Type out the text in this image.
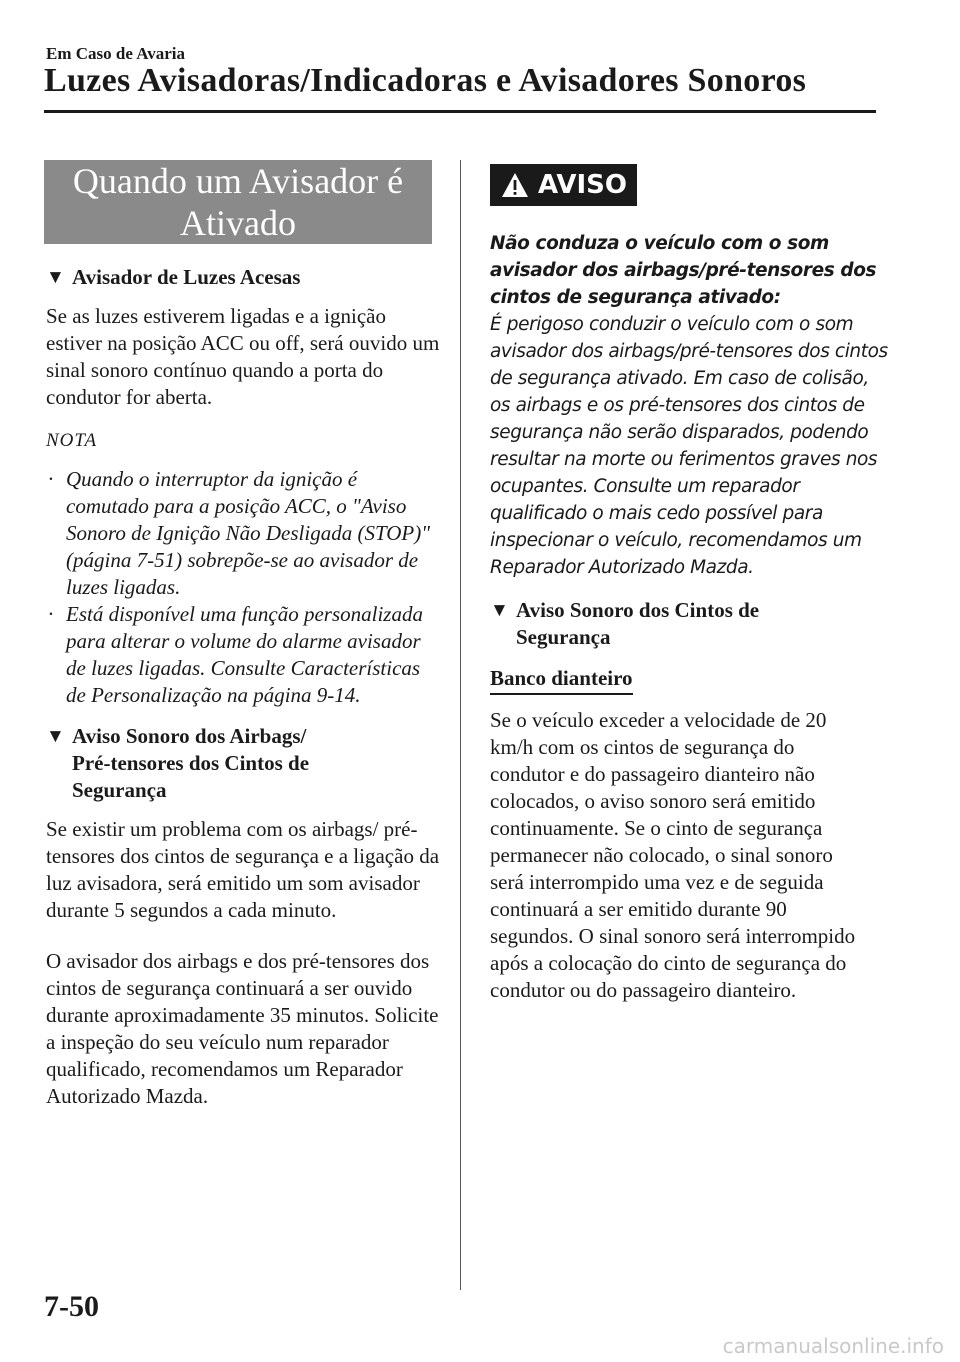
Em Caso de Avaria
Luzes Avisadoras/Indicadoras e Avisadores Sonoros
Quando um Avisador é
Ativado
▼ Avisador de Luzes Acesas

Se as luzes estiverem ligadas e a ignição estiver na posição ACC ou off, será ouvido um sinal sonoro contínuo quando a porta do condutor for aberta.

NOTA
· Quando o interruptor da ignição é comutado para a posição ACC, o "Aviso Sonoro de Ignição Não Desligada (STOP)" (página 7-51) sobrepõe-se ao avisador de luzes ligadas.
· Está disponível uma função personalizada para alterar o volume do alarme avisador de luzes ligadas. Consulte Características de Personalização na página 9-14.
▼ Aviso Sonoro dos Airbags/ Pré-tensores dos Cintos de Segurança

Se existir um problema com os airbags/ pré-tensores dos cintos de segurança e a ligação da luz avisadora, será emitido um som avisador durante 5 segundos a cada minuto.

O avisador dos airbags e dos pré-tensores dos cintos de segurança continuará a ser ouvido durante aproximadamente 35 minutos. Solicite a inspeção do seu veículo num reparador qualificado, recomendamos um Reparador Autorizado Mazda.

AVISO
Não conduza o veículo com o som avisador dos airbags/pré-tensores dos cintos de segurança ativado:
É perigoso conduzir o veículo com o som avisador dos airbags/pré-tensores dos cintos de segurança ativado. Em caso de colisão, os airbags e os pré-tensores dos cintos de segurança não serão disparados, podendo resultar na morte ou ferimentos graves nos ocupantes. Consulte um reparador qualificado o mais cedo possível para inspecionar o veículo, recomendamos um Reparador Autorizado Mazda.
▼ Aviso Sonoro dos Cintos de Segurança
Banco dianteiro

Se o veículo exceder a velocidade de 20 km/h com os cintos de segurança do condutor e do passageiro dianteiro não colocados, o aviso sonoro será emitido continuamente. Se o cinto de segurança permanecer não colocado, o sinal sonoro será interrompido uma vez e de seguida continuará a ser emitido durante 90 segundos. O sinal sonoro será interrompido após a colocação do cinto de segurança do condutor ou do passageiro dianteiro.

7-50
carmanualsonline.info
